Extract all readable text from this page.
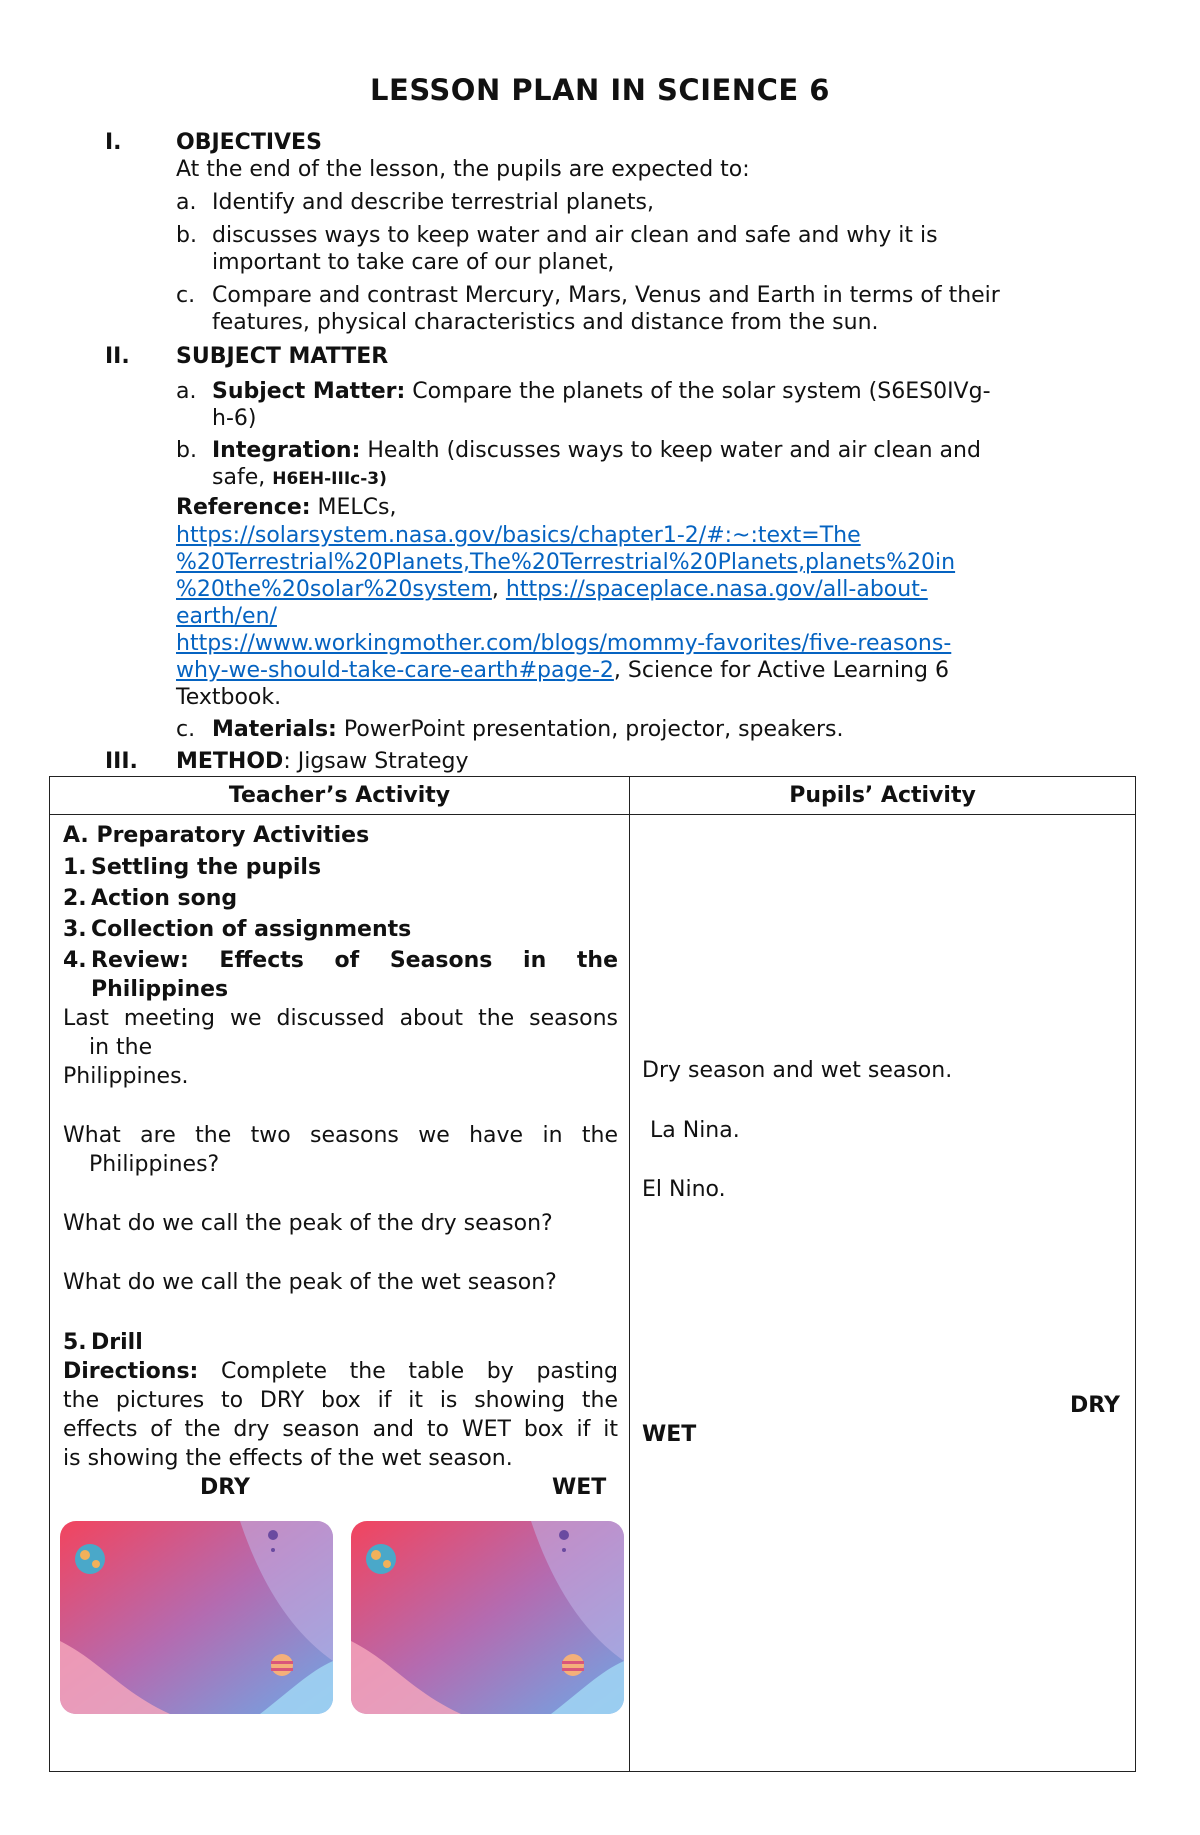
LESSON PLAN IN SCIENCE 6
I. OBJECTIVES
At the end of the lesson, the pupils are expected to:
a. Identify and describe terrestrial planets,
b. discusses ways to keep water and air clean and safe and why it is
important to take care of our planet,
c. Compare and contrast Mercury, Mars, Venus and Earth in terms of their
features, physical characteristics and distance from the sun.
II. SUBJECT MATTER
a. Subject Matter: Compare the planets of the solar system (S6ES0IVg-
h-6)
b. Integration: Health (discusses ways to keep water and air clean and
safe, H6EH-IIIc-3)
Reference: MELCs,
https://solarsystem.nasa.gov/basics/chapter1-2/#:~:text=The
%20Terrestrial%20Planets,The%20Terrestrial%20Planets,planets%20in
%20the%20solar%20system, https://spaceplace.nasa.gov/all-about-
earth/en/
https://www.workingmother.com/blogs/mommy-favorites/five-reasons-
why-we-should-take-care-earth#page-2, Science for Active Learning 6
Textbook.
c. Materials: PowerPoint presentation, projector, speakers.
III. METHOD: Jigsaw Strategy
Teacher’s Activity	Pupils’ Activity
A. Preparatory Activities
1. Settling the pupils
2. Action song
3. Collection of assignments
4. Review:  Effects  of  Seasons  in  the
Philippines
Last meeting we discussed about the seasons
in the
Philippines.
What  are  the  two  seasons  we  have  in  the
Philippines?
What do we call the peak of the dry season?
What do we call the peak of the wet season?
5. Drill
Directions: Complete the table by pasting
the pictures to DRY box if it is showing the
effects of the dry season and to WET box if it
is showing the effects of the wet season.
DRY	WET
Dry season and wet season.
La Nina.
El Nino.
DRY
WET
